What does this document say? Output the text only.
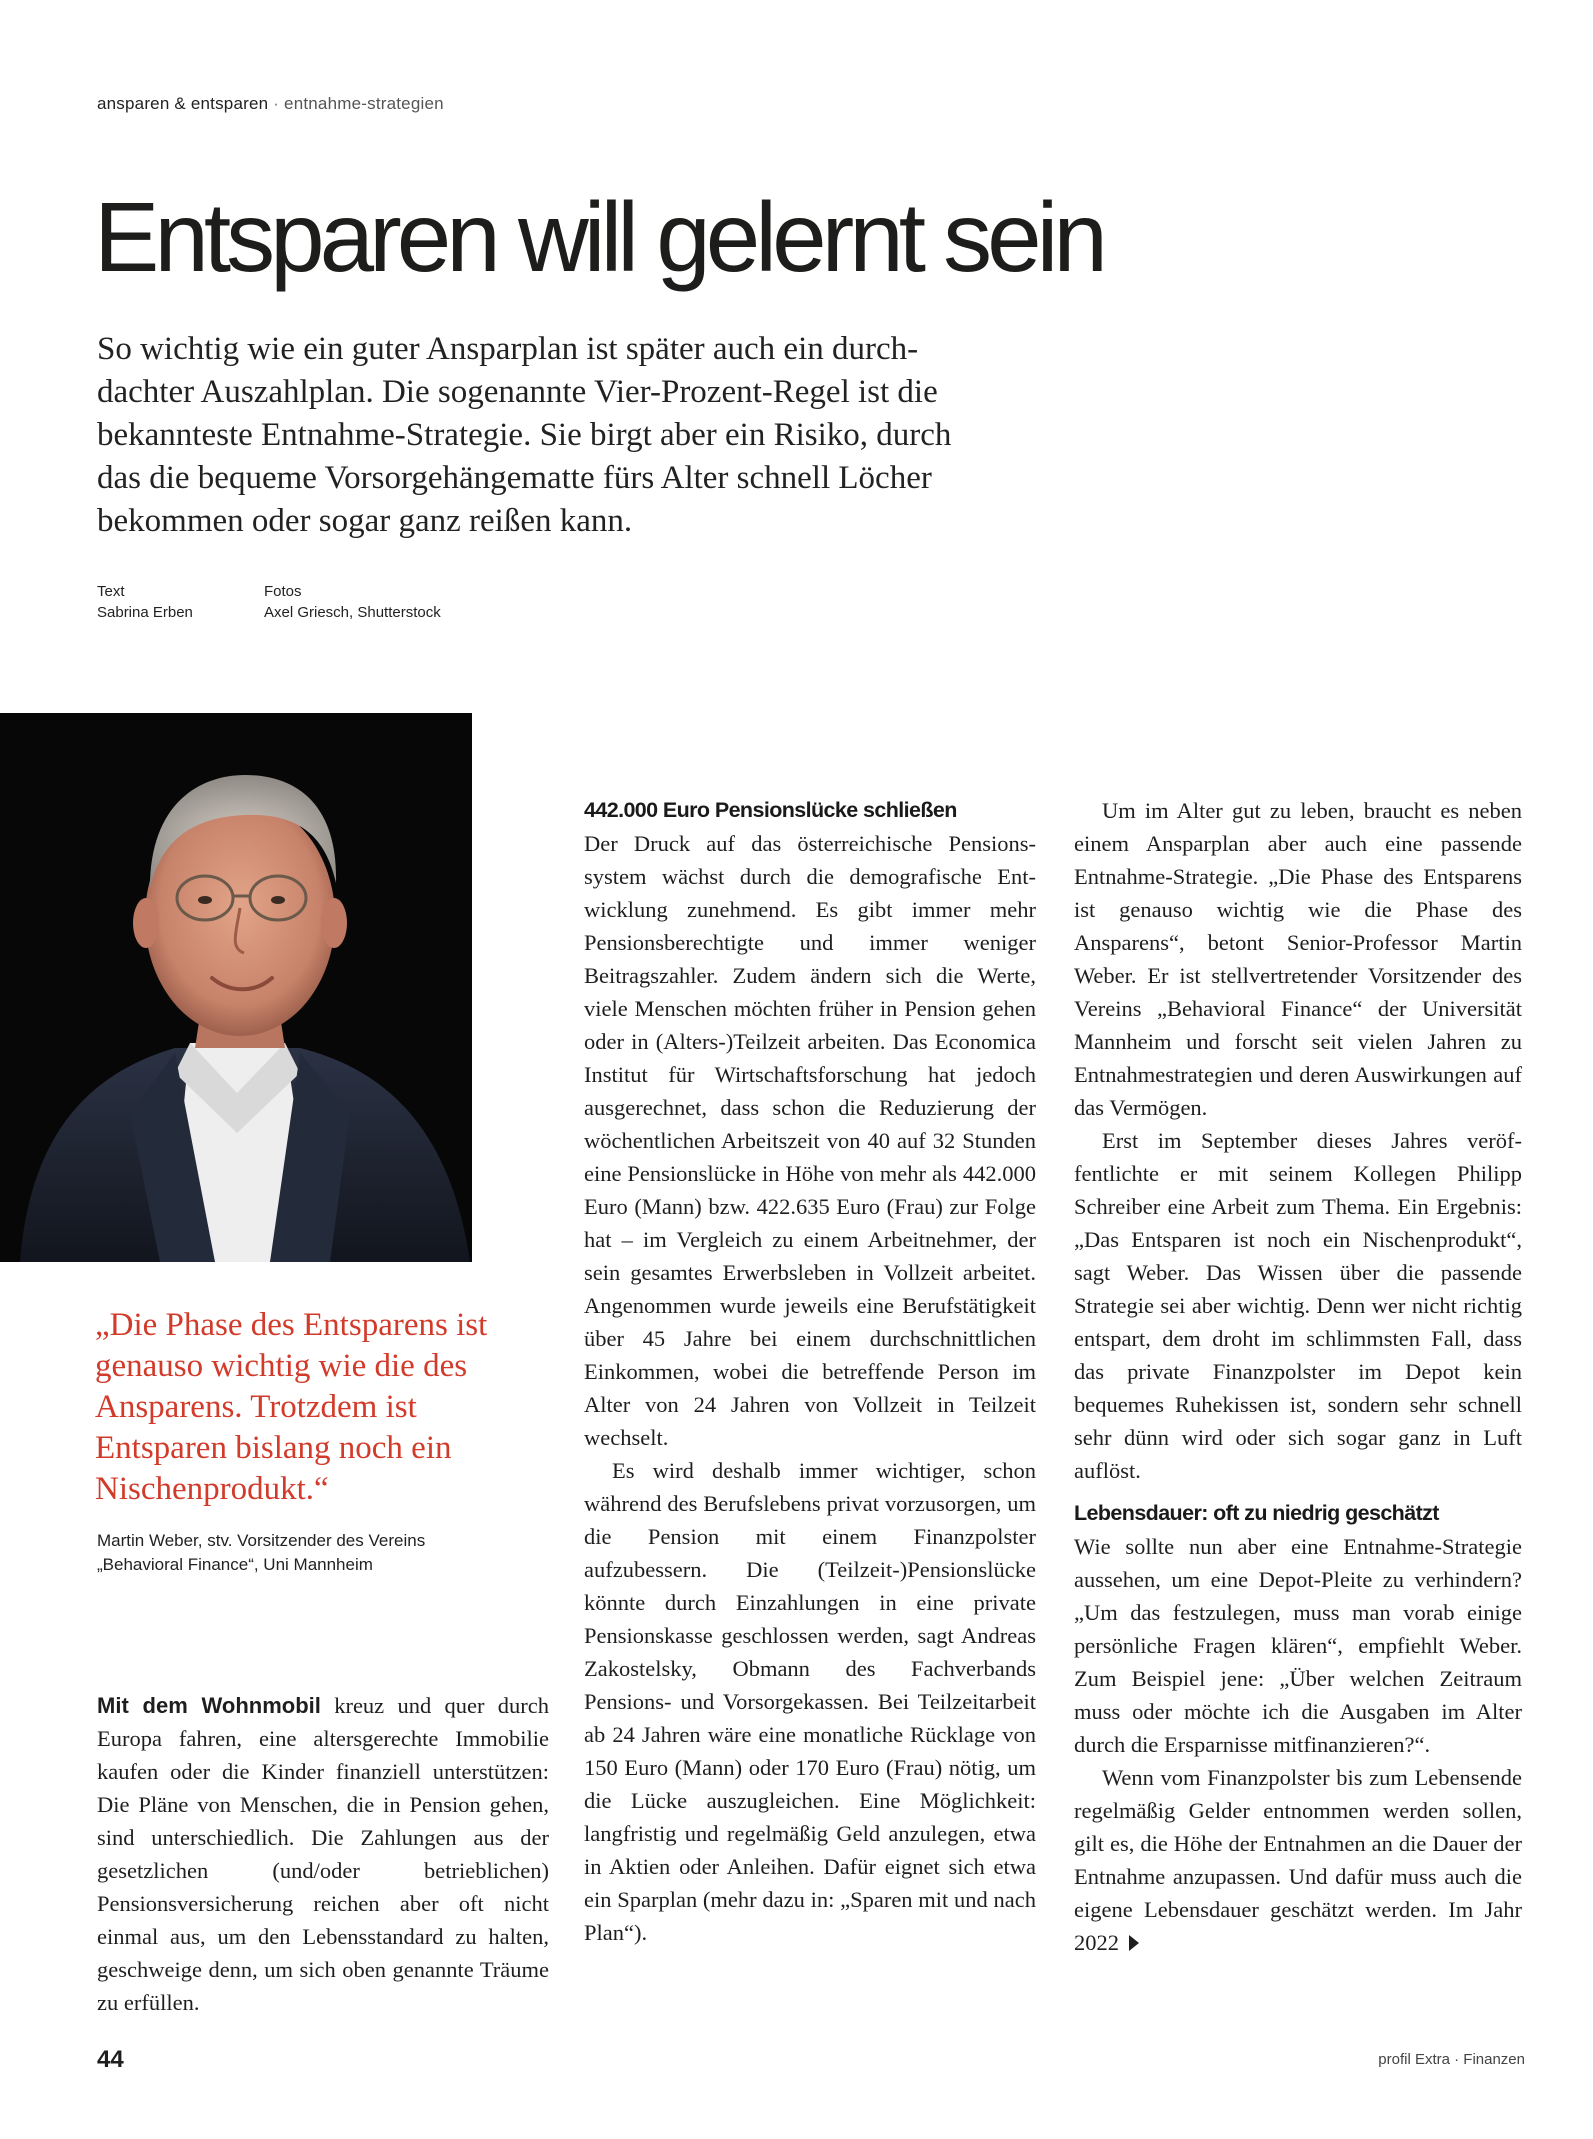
ansparen & entsparen · entnahme-strategien
Entsparen will gelernt sein

So wichtig wie ein guter Ansparplan ist später auch ein durchdachter Auszahlplan. Die sogenannte Vier-Prozent-Regel ist die bekannteste Entnahme-Strategie. Sie birgt aber ein Risiko, durch das die bequeme Vorsorgehängematte fürs Alter schnell Löcher bekommen oder sogar ganz reißen kann.

Text
Sabrina Erben
Fotos
Axel Griesch, Shutterstock
„Die Phase des Entsparens ist genauso wichtig wie die des Ansparens. Trotzdem ist Entsparen bislang noch ein Nischenprodukt.“
Martin Weber, stv. Vorsitzender des Vereins „Behavioral Finance“, Uni Mannheim

Mit dem Wohnmobil kreuz und quer durch Europa fahren, eine altersgerechte Immobilie kaufen oder die Kinder finanziell unterstützen: Die Pläne von Menschen, die in Pension gehen, sind unterschiedlich. Die Zahlungen aus der gesetzlichen (und/oder betrieblichen) Pensionsversicherung reichen aber oft nicht einmal aus, um den Lebensstandard zu halten, geschweige denn, um sich oben genannte Träume zu erfüllen.

442.000 Euro Pensionslücke schließen

Der Druck auf das österreichische Pensionssystem wächst durch die demografische Entwicklung zunehmend. Es gibt immer mehr Pensionsberechtigte und immer weniger Beitragszahler. Zudem ändern sich die Werte, viele Menschen möchten früher in Pension gehen oder in (Alters-)Teilzeit arbeiten. Das Economica Institut für Wirtschaftsforschung hat jedoch ausgerechnet, dass schon die Reduzierung der wöchentlichen Arbeitszeit von 40 auf 32 Stunden eine Pensionslücke in Höhe von mehr als 442.000 Euro (Mann) bzw. 422.635 Euro (Frau) zur Folge hat – im Vergleich zu einem Arbeitnehmer, der sein gesamtes Erwerbsleben in Vollzeit arbeitet. Angenommen wurde jeweils eine Berufstätigkeit über 45 Jahre bei einem durchschnittlichen Einkommen, wobei die betreffende Person im Alter von 24 Jahren von Vollzeit in Teilzeit wechselt.

Es wird deshalb immer wichtiger, schon während des Berufslebens privat vorzusorgen, um die Pension mit einem Finanzpolster aufzubessern. Die (Teilzeit-)Pensionslücke könnte durch Einzahlungen in eine private Pensionskasse geschlossen werden, sagt Andreas Zakostelsky, Obmann des Fachverbands Pensions- und Vorsorgekassen. Bei Teilzeitarbeit ab 24 Jahren wäre eine monatliche Rücklage von 150 Euro (Mann) oder 170 Euro (Frau) nötig, um die Lücke auszugleichen. Eine Möglichkeit: langfristig und regelmäßig Geld anzulegen, etwa in Aktien oder Anleihen. Dafür eignet sich etwa ein Sparplan (mehr dazu in: „Sparen mit und nach Plan“).

Um im Alter gut zu leben, braucht es neben einem Ansparplan aber auch eine passende Entnahme-Strategie. „Die Phase des Entsparens ist genauso wichtig wie die Phase des Ansparens“, betont Senior-Professor Martin Weber. Er ist stellvertretender Vorsitzender des Vereins „Behavioral Finance“ der Universität Mannheim und forscht seit vielen Jahren zu Entnahmestrategien und deren Auswirkungen auf das Vermögen.

Erst im September dieses Jahres veröffentlichte er mit seinem Kollegen Philipp Schreiber eine Arbeit zum Thema. Ein Ergebnis: „Das Entsparen ist noch ein Nischenprodukt“, sagt Weber. Das Wissen über die passende Strategie sei aber wichtig. Denn wer nicht richtig entspart, dem droht im schlimmsten Fall, dass das private Finanzpolster im Depot kein bequemes Ruhekissen ist, sondern sehr schnell sehr dünn wird oder sich sogar ganz in Luft auflöst.

Lebensdauer: oft zu niedrig geschätzt

Wie sollte nun aber eine Entnahme-Strategie aussehen, um eine Depot-Pleite zu verhindern? „Um das festzulegen, muss man vorab einige persönliche Fragen klären“, empfiehlt Weber. Zum Beispiel jene: „Über welchen Zeitraum muss oder möchte ich die Ausgaben im Alter durch die Ersparnisse mitfinanzieren?“.

Wenn vom Finanzpolster bis zum Lebensende regelmäßig Gelder entnommen werden sollen, gilt es, die Höhe der Entnahmen an die Dauer der Entnahme anzupassen. Und dafür muss auch die eigene Lebensdauer geschätzt werden. Im Jahr 2022

44	profil Extra · Finanzen
